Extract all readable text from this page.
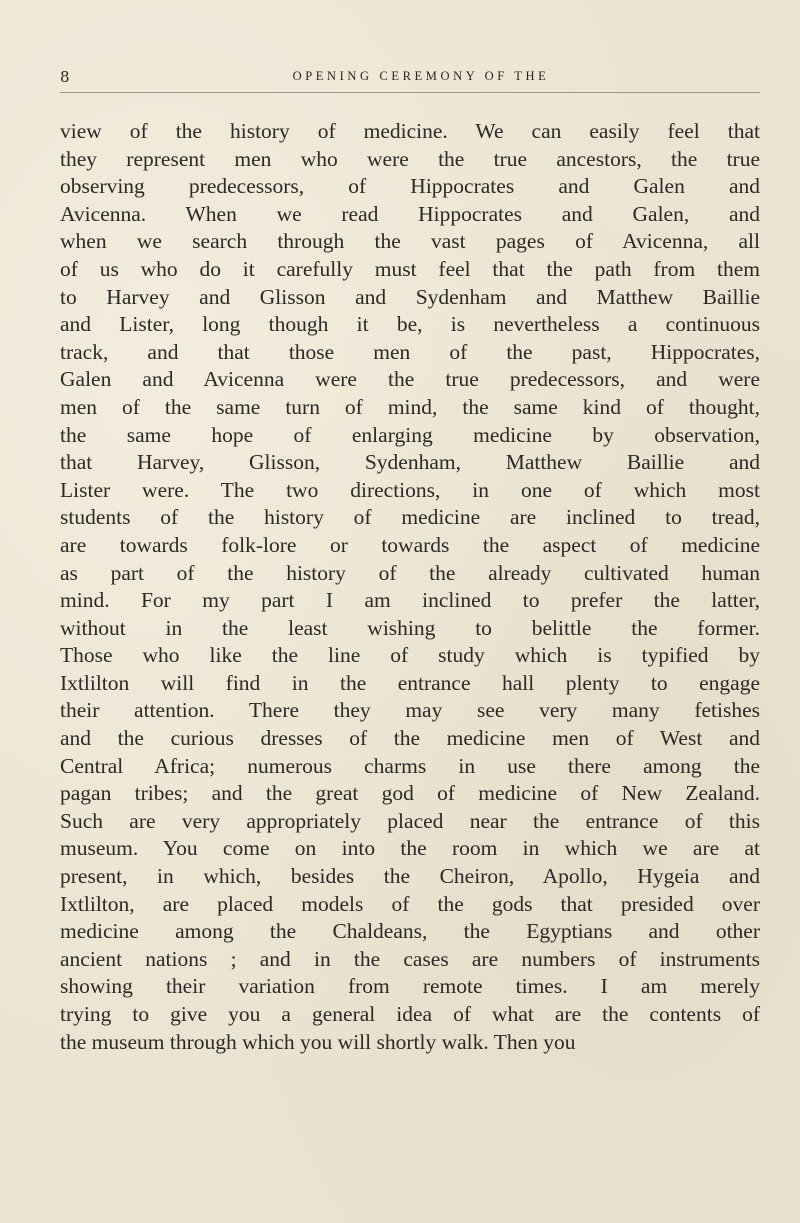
8	OPENING CEREMONY OF THE
view of the history of medicine. We can easily feel that
they represent men who were the true ancestors, the true
observing predecessors, of Hippocrates and Galen and
Avicenna. When we read Hippocrates and Galen, and
when we search through the vast pages of Avicenna, all
of us who do it carefully must feel that the path from them
to Harvey and Glisson and Sydenham and Matthew Baillie
and Lister, long though it be, is nevertheless a continuous
track, and that those men of the past, Hippocrates,
Galen and Avicenna were the true predecessors, and were
men of the same turn of mind, the same kind of thought,
the same hope of enlarging medicine by observation,
that Harvey, Glisson, Sydenham, Matthew Baillie and
Lister were. The two directions, in one of which most
students of the history of medicine are inclined to tread,
are towards folk-lore or towards the aspect of medicine
as part of the history of the already cultivated human
mind. For my part I am inclined to prefer the latter,
without in the least wishing to belittle the former.
Those who like the line of study which is typified by
Ixtlilton will find in the entrance hall plenty to engage
their attention. There they may see very many fetishes
and the curious dresses of the medicine men of West and
Central Africa; numerous charms in use there among the
pagan tribes; and the great god of medicine of New Zealand.
Such are very appropriately placed near the entrance of this
museum. You come on into the room in which we are at
present, in which, besides the Cheiron, Apollo, Hygeia and
Ixtlilton, are placed models of the gods that presided over
medicine among the Chaldeans, the Egyptians and other
ancient nations ; and in the cases are numbers of instruments
showing their variation from remote times. I am merely
trying to give you a general idea of what are the contents of
the museum through which you will shortly walk. Then you
